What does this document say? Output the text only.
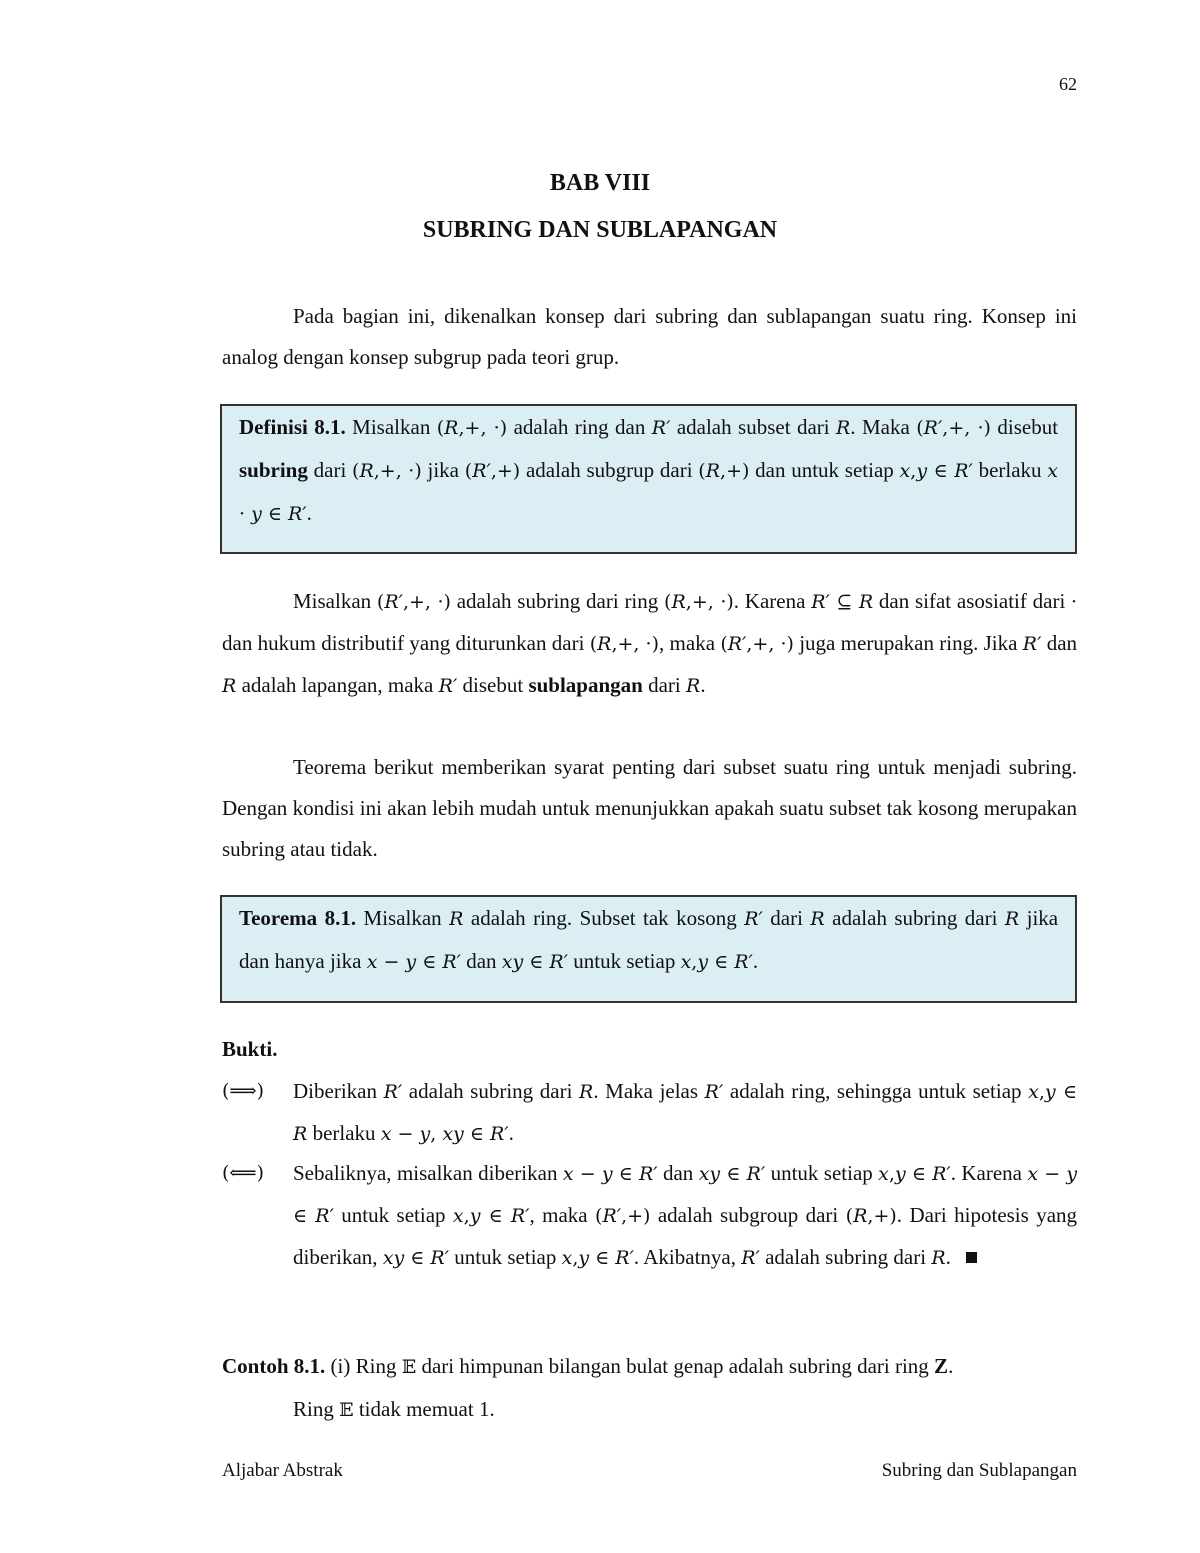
62
BAB VIII
SUBRING DAN SUBLAPANGAN
Pada bagian ini, dikenalkan konsep dari subring dan sublapangan suatu ring. Konsep ini analog dengan konsep subgrup pada teori grup.
Definisi 8.1. Misalkan (R,+, ·) adalah ring dan R′ adalah subset dari R. Maka (R′,+, ·) disebut subring dari (R,+, ·) jika (R′,+) adalah subgrup dari (R,+) dan untuk setiap x,y ∈ R′ berlaku x · y ∈ R′.
Misalkan (R′,+, ·) adalah subring dari ring (R,+, ·). Karena R′ ⊆ R dan sifat asosiatif dari · dan hukum distributif yang diturunkan dari (R,+, ·), maka (R′,+, ·) juga merupakan ring. Jika R′ dan R adalah lapangan, maka R′ disebut sublapangan dari R.
Teorema berikut memberikan syarat penting dari subset suatu ring untuk menjadi subring. Dengan kondisi ini akan lebih mudah untuk menunjukkan apakah suatu subset tak kosong merupakan subring atau tidak.
Teorema 8.1. Misalkan R adalah ring. Subset tak kosong R′ dari R adalah subring dari R jika dan hanya jika x − y ∈ R′ dan xy ∈ R′ untuk setiap x,y ∈ R′.
Bukti.
(⟹)	Diberikan R′ adalah subring dari R. Maka jelas R′ adalah ring, sehingga untuk setiap x,y ∈ R berlaku x − y, xy ∈ R′.
(⟸)	Sebaliknya, misalkan diberikan x − y ∈ R′ dan xy ∈ R′ untuk setiap x,y ∈ R′. Karena x − y ∈ R′ untuk setiap x,y ∈ R′, maka (R′,+) adalah subgroup dari (R,+). Dari hipotesis yang diberikan, xy ∈ R′ untuk setiap x,y ∈ R′. Akibatnya, R′ adalah subring dari R.
Contoh 8.1. (i) Ring 𝔼 dari himpunan bilangan bulat genap adalah subring dari ring Z.
Ring 𝔼 tidak memuat 1.
Aljabar Abstrak	Subring dan Sublapangan
